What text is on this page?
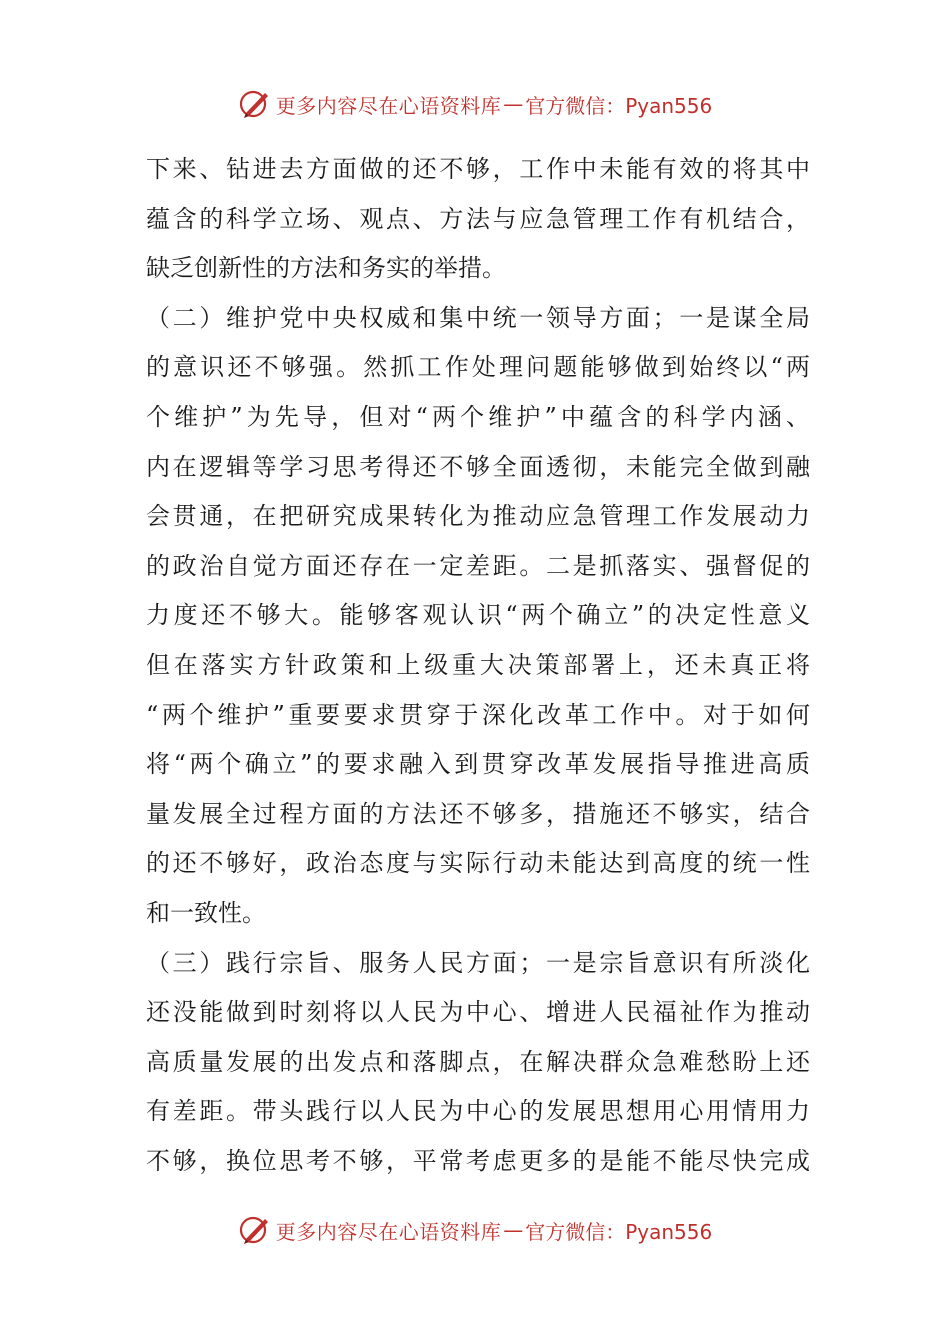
更多内容尽在心语资料库 — 官方微信：Pyan556
下来、钻进去方面做的还不够，工作中未能有效的将其中
蕴含的科学立场、观点、方法与应急管理工作有机结合，
缺乏创新性的方法和务实的举措。
（二）维护党中央权威和集中统一领导方面；一是谋全局
的意识还不够强。然抓工作处理问题能够做到始终以“两
个维护”为先导，但对“两个维护”中蕴含的科学内涵、
内在逻辑等学习思考得还不够全面透彻，未能完全做到融
会贯通，在把研究成果转化为推动应急管理工作发展动力
的政治自觉方面还存在一定差距。二是抓落实、强督促的
力度还不够大。能够客观认识“两个确立”的决定性意义
但在落实方针政策和上级重大决策部署上，还未真正将
“两个维护”重要要求贯穿于深化改革工作中。对于如何
将“两个确立”的要求融入到贯穿改革发展指导推进高质
量发展全过程方面的方法还不够多，措施还不够实，结合
的还不够好，政治态度与实际行动未能达到高度的统一性
和一致性。
（三）践行宗旨、服务人民方面；一是宗旨意识有所淡化
还没能做到时刻将以人民为中心、增进人民福祉作为推动
高质量发展的出发点和落脚点，在解决群众急难愁盼上还
有差距。带头践行以人民为中心的发展思想用心用情用力
不够，换位思考不够，平常考虑更多的是能不能尽快完成
更多内容尽在心语资料库 — 官方微信：Pyan556
